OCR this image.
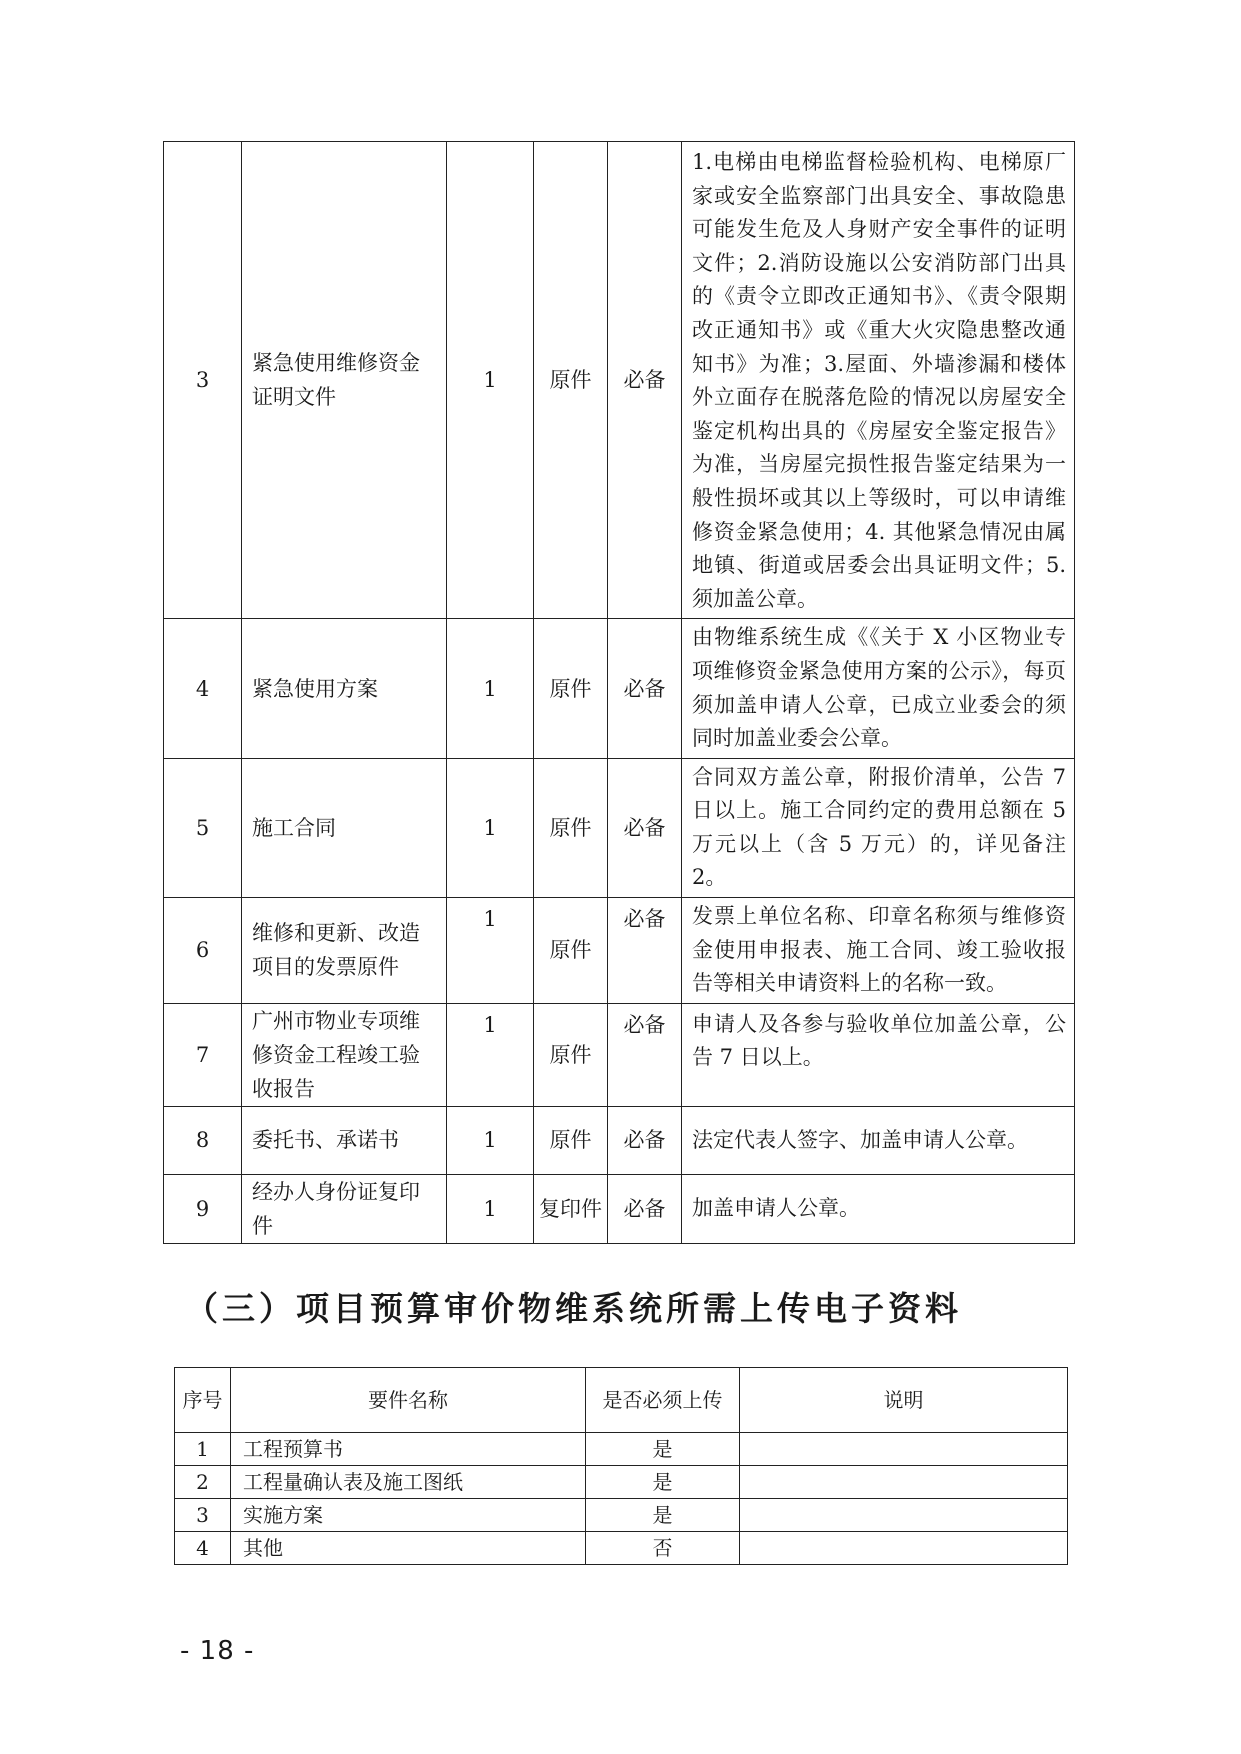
3	紧急使用维修资金证明文件	1	原件	必备	1.电梯由电梯监督检验机构、电梯原厂家或安全监察部门出具安全、事故隐患可能发生危及人身财产安全事件的证明文件；2.消防设施以公安消防部门出具的《责令立即改正通知书》、《责令限期改正通知书》或《重大火灾隐患整改通知书》为准；3.屋面、外墙渗漏和楼体外立面存在脱落危险的情况以房屋安全鉴定机构出具的《房屋安全鉴定报告》为准，当房屋完损性报告鉴定结果为一般性损坏或其以上等级时，可以申请维修资金紧急使用；4. 其他紧急情况由属地镇、街道或居委会出具证明文件；5.须加盖公章。
4	紧急使用方案	1	原件	必备	由物维系统生成《《关于 X 小区物业专项维修资金紧急使用方案的公示》，每页须加盖申请人公章，已成立业委会的须同时加盖业委会公章。
5	施工合同	1	原件	必备	合同双方盖公章，附报价清单，公告 7 日以上。施工合同约定的费用总额在 5 万元以上（含 5 万元）的，详见备注 2。
6	维修和更新、改造项目的发票原件	1	原件	必备	发票上单位名称、印章名称须与维修资金使用申报表、施工合同、竣工验收报告等相关申请资料上的名称一致。
7	广州市物业专项维修资金工程竣工验收报告	1	原件	必备	申请人及各参与验收单位加盖公章，公告 7 日以上。
8	委托书、承诺书	1	原件	必备	法定代表人签字、加盖申请人公章。
9	经办人身份证复印件	1	复印件	必备	加盖申请人公章。
（三）项目预算审价物维系统所需上传电子资料
序号	要件名称	是否必须上传	说明
1	工程预算书	是	
2	工程量确认表及施工图纸	是	
3	实施方案	是	
4	其他	否	
- 18 -
